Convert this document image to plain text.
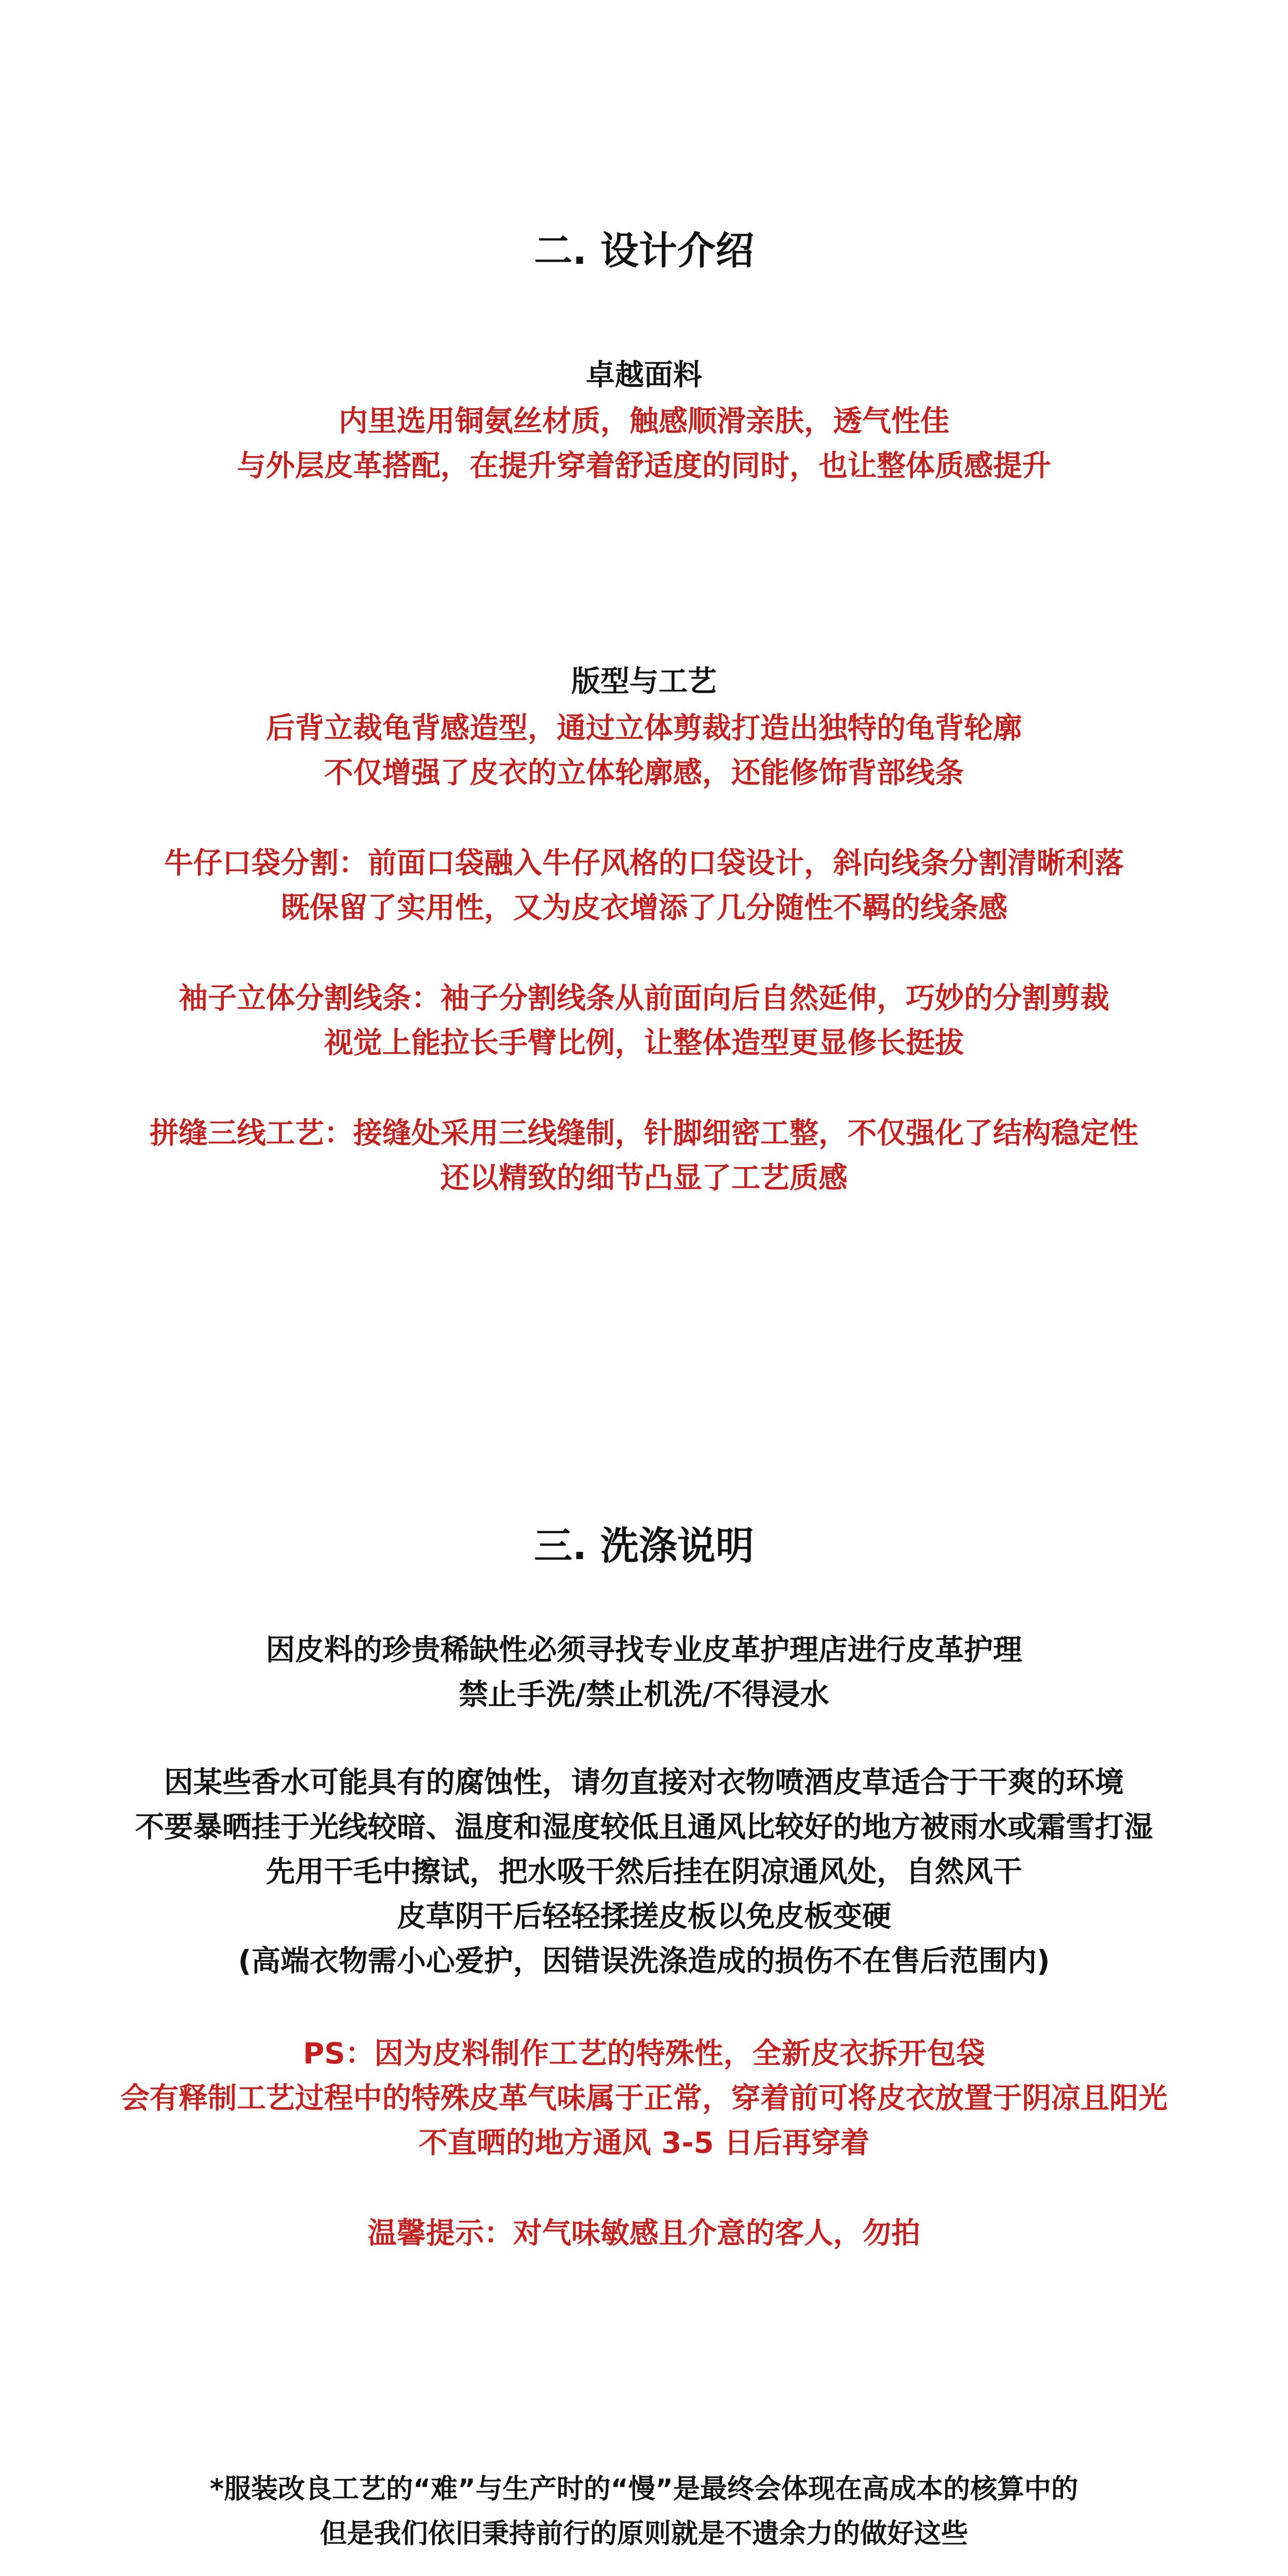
二. 设计介绍
卓越面料
内里选用铜氨丝材质，触感顺滑亲肤，透气性佳
与外层皮革搭配，在提升穿着舒适度的同时，也让整体质感提升
版型与工艺
后背立裁龟背感造型，通过立体剪裁打造出独特的龟背轮廓
不仅增强了皮衣的立体轮廓感，还能修饰背部线条
牛仔口袋分割：前面口袋融入牛仔风格的口袋设计，斜向线条分割清晰利落
既保留了实用性，又为皮衣增添了几分随性不羁的线条感
袖子立体分割线条：袖子分割线条从前面向后自然延伸，巧妙的分割剪裁
视觉上能拉长手臂比例，让整体造型更显修长挺拔
拼缝三线工艺：接缝处采用三线缝制，针脚细密工整，不仅强化了结构稳定性
还以精致的细节凸显了工艺质感
三. 洗涤说明
因皮料的珍贵稀缺性必须寻找专业皮革护理店进行皮革护理
禁止手洗/禁止机洗/不得浸水
因某些香水可能具有的腐蚀性，请勿直接对衣物喷酒皮草适合于干爽的环境
不要暴晒挂于光线较暗、温度和湿度较低且通风比较好的地方被雨水或霜雪打湿
先用干毛中擦试，把水吸干然后挂在阴凉通风处，自然风干
皮草阴干后轻轻揉搓皮板以免皮板变硬
(高端衣物需小心爱护，因错误洗涤造成的损伤不在售后范围内)
PS：因为皮料制作工艺的特殊性，全新皮衣拆开包袋
会有释制工艺过程中的特殊皮革气味属于正常，穿着前可将皮衣放置于阴凉且阳光
不直晒的地方通风 3-5 日后再穿着
温馨提示：对气味敏感且介意的客人，勿拍
*服装改良工艺的“难”与生产时的“慢”是最终会体现在高成本的核算中的
但是我们依旧秉持前行的原则就是不遗余力的做好这些
